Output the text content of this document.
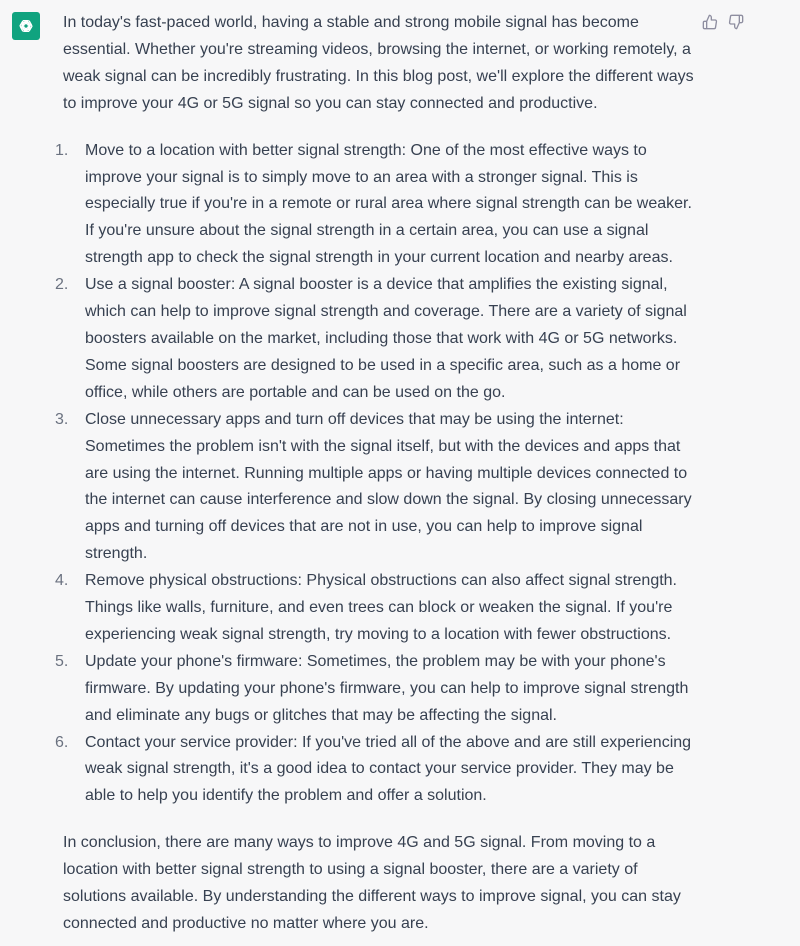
In today's fast-paced world, having a stable and strong mobile signal has become essential. Whether you're streaming videos, browsing the internet, or working remotely, a weak signal can be incredibly frustrating. In this blog post, we'll explore the different ways to improve your 4G or 5G signal so you can stay connected and productive.

1. Move to a location with better signal strength: One of the most effective ways to improve your signal is to simply move to an area with a stronger signal. This is especially true if you're in a remote or rural area where signal strength can be weaker. If you're unsure about the signal strength in a certain area, you can use a signal strength app to check the signal strength in your current location and nearby areas.
2. Use a signal booster: A signal booster is a device that amplifies the existing signal, which can help to improve signal strength and coverage. There are a variety of signal boosters available on the market, including those that work with 4G or 5G networks. Some signal boosters are designed to be used in a specific area, such as a home or office, while others are portable and can be used on the go.
3. Close unnecessary apps and turn off devices that may be using the internet: Sometimes the problem isn't with the signal itself, but with the devices and apps that are using the internet. Running multiple apps or having multiple devices connected to the internet can cause interference and slow down the signal. By closing unnecessary apps and turning off devices that are not in use, you can help to improve signal strength.
4. Remove physical obstructions: Physical obstructions can also affect signal strength. Things like walls, furniture, and even trees can block or weaken the signal. If you're experiencing weak signal strength, try moving to a location with fewer obstructions.
5. Update your phone's firmware: Sometimes, the problem may be with your phone's firmware. By updating your phone's firmware, you can help to improve signal strength and eliminate any bugs or glitches that may be affecting the signal.
6. Contact your service provider: If you've tried all of the above and are still experiencing weak signal strength, it's a good idea to contact your service provider. They may be able to help you identify the problem and offer a solution.

In conclusion, there are many ways to improve 4G and 5G signal. From moving to a location with better signal strength to using a signal booster, there are a variety of solutions available. By understanding the different ways to improve signal, you can stay connected and productive no matter where you are.
